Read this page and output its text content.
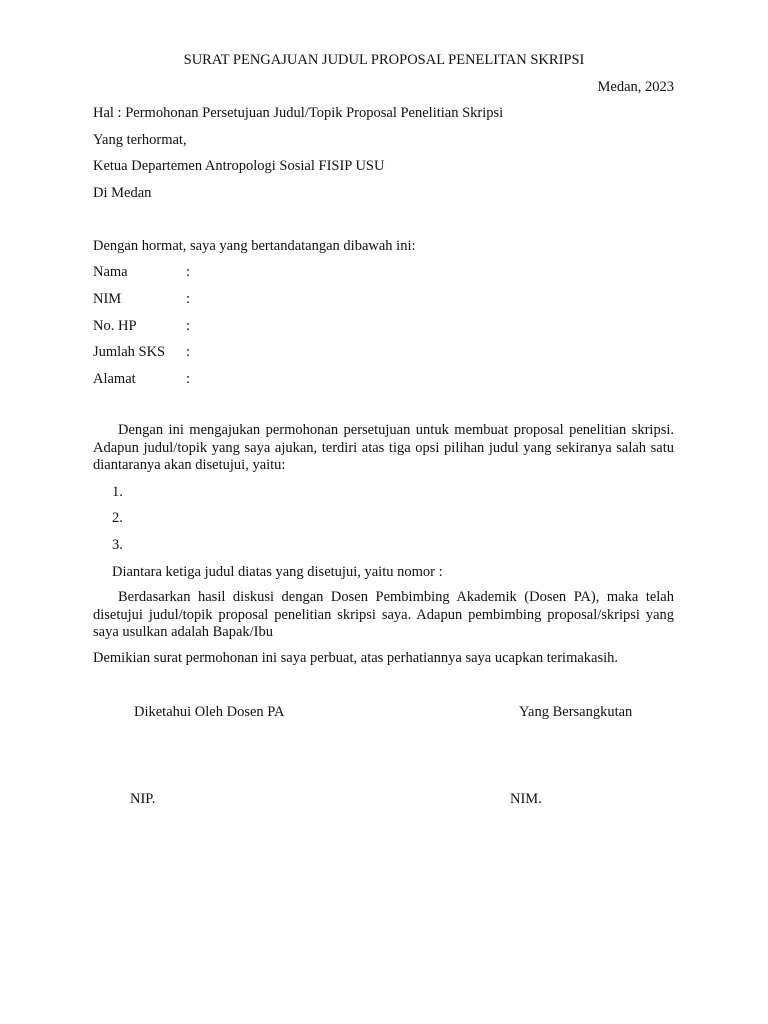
SURAT PENGAJUAN JUDUL PROPOSAL PENELITAN SKRIPSI
Medan, 2023
Hal : Permohonan Persetujuan Judul/Topik Proposal Penelitian Skripsi
Yang terhormat,
Ketua Departemen Antropologi Sosial FISIP USU
Di Medan
Dengan hormat, saya yang bertandatangan dibawah ini:
Nama	:
NIM	:
No. HP	:
Jumlah SKS :
Alamat	:
Dengan ini mengajukan permohonan persetujuan untuk membuat proposal penelitian skripsi. Adapun judul/topik yang saya ajukan, terdiri atas tiga opsi pilihan judul yang sekiranya salah satu diantaranya akan disetujui, yaitu:
1.
2.
3.
Diantara ketiga judul diatas yang disetujui, yaitu nomor :
Berdasarkan hasil diskusi dengan Dosen Pembimbing Akademik (Dosen PA), maka telah disetujui judul/topik proposal penelitian skripsi saya. Adapun pembimbing proposal/skripsi yang saya usulkan adalah Bapak/Ibu
Demikian surat permohonan ini saya perbuat, atas perhatiannya saya ucapkan terimakasih.
Diketahui Oleh Dosen PA	Yang Bersangkutan
NIP.	NIM.
